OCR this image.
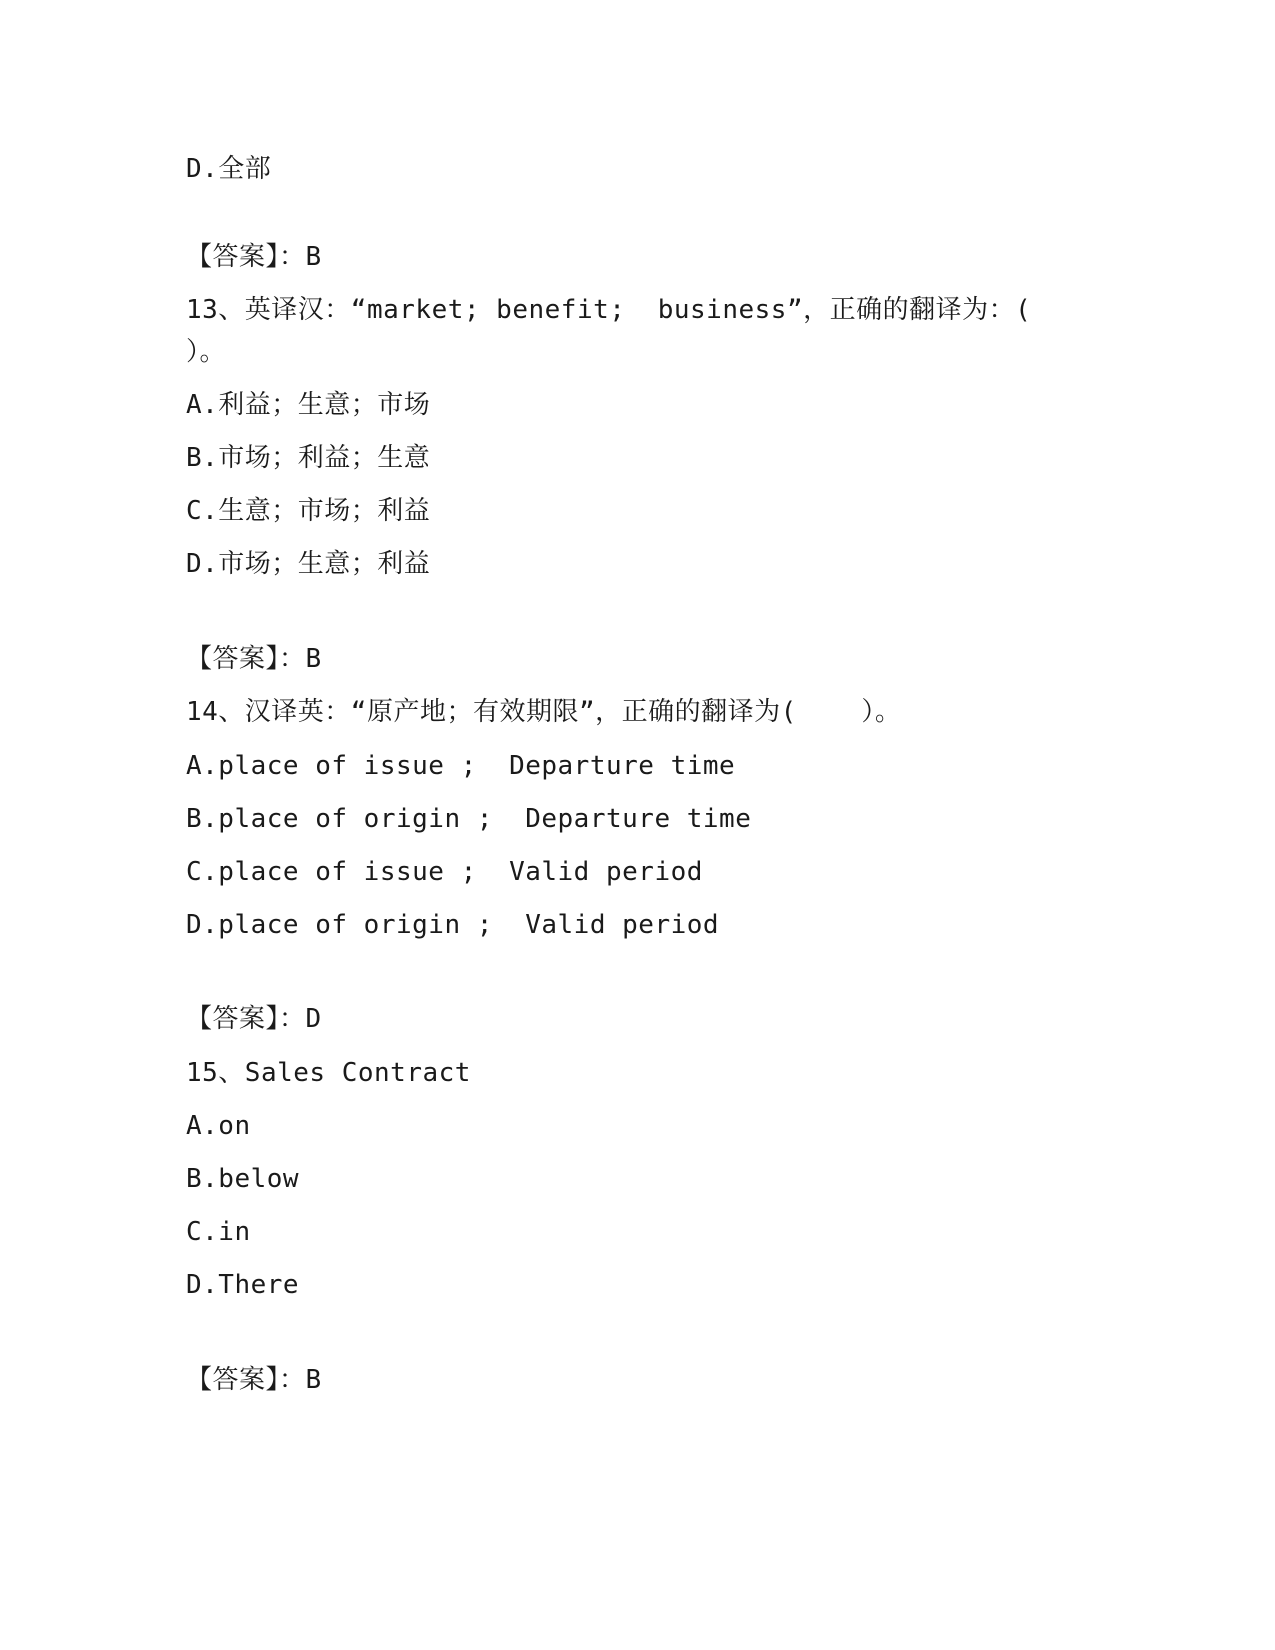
D.全部
【答案】：B
13、英译汉：“market; benefit;  business”，正确的翻译为：(
）。
A.利益；生意；市场
B.市场；利益；生意
C.生意；市场；利益
D.市场；生意；利益
【答案】：B
14、汉译英：“原产地；有效期限”，正确的翻译为(    ）。
A.place of issue ;  Departure time
B.place of origin ;  Departure time
C.place of issue ;  Valid period
D.place of origin ;  Valid period
【答案】：D
15、Sales Contract
A.on
B.below
C.in
D.There
【答案】：B
